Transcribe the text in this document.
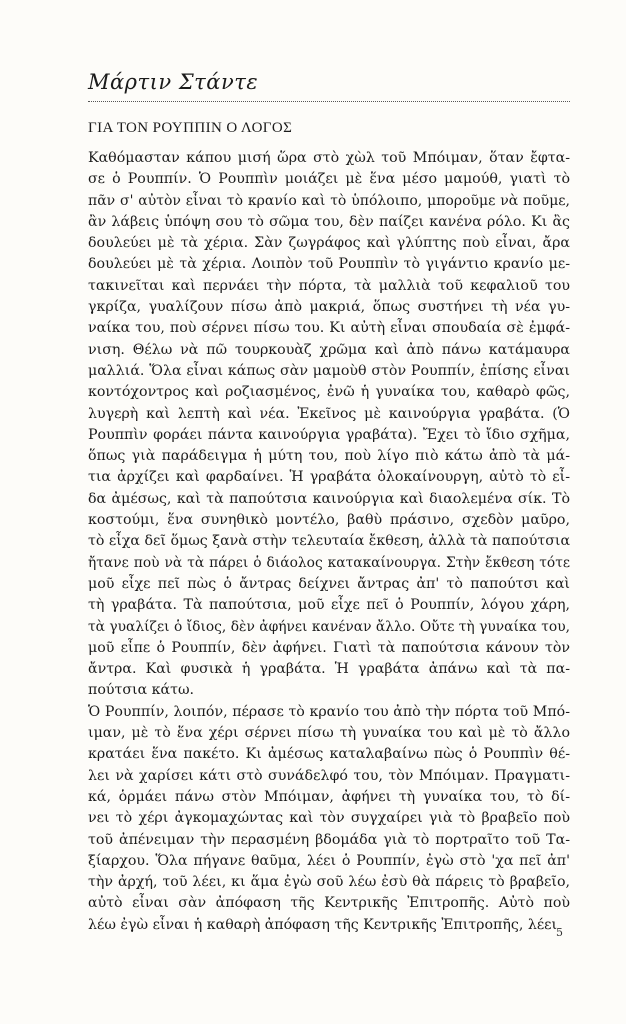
Μάρτιν Στάντε
ΓΙΑ ΤΟΝ ΡΟΥΠΠΙΝ Ο ΛΟΓΟΣ
Καθόμασταν κάπου μισή ὥρα στὸ χὼλ τοῦ Μπόιμαν, ὅταν ἔφτα-
σε ὁ Ρουππίν. Ὁ Ρουππὶν μοιάζει μὲ ἕνα μέσο μαμούθ, γιατὶ τὸ
πᾶν σ' αὐτὸν εἶναι τὸ κρανίο καὶ τὸ ὑπόλοιπο, μποροῦμε νὰ ποῦμε,
ἂν λάβεις ὑπόψη σου τὸ σῶμα του, δὲν παίζει κανένα ρόλο. Κι ἂς
δουλεύει μὲ τὰ χέρια. Σὰν ζωγράφος καὶ γλύπτης ποὺ εἶναι, ἄρα
δουλεύει μὲ τὰ χέρια. Λοιπὸν τοῦ Ρουππὶν τὸ γιγάντιο κρανίο με-
τακινεῖται καὶ περνάει τὴν πόρτα, τὰ μαλλιὰ τοῦ κεφαλιοῦ του
γκρίζα, γυαλίζουν πίσω ἀπὸ μακριά, ὅπως συστήνει τὴ νέα γυ-
ναίκα του, ποὺ σέρνει πίσω του. Κι αὐτὴ εἶναι σπουδαία σὲ ἐμφά-
νιση. Θέλω νὰ πῶ τουρκουὰζ χρῶμα καὶ ἀπὸ πάνω κατάμαυρα
μαλλιά. Ὅλα εἶναι κάπως σὰν μαμοὺθ στὸν Ρουππίν, ἐπίσης εἶναι
κοντόχοντρος καὶ ροζιασμένος, ἐνῶ ἡ γυναίκα του, καθαρὸ φῶς,
λυγερὴ καὶ λεπτὴ καὶ νέα. Ἐκεῖνος μὲ καινούργια γραβάτα. (Ὁ
Ρουππὶν φοράει πάντα καινούργια γραβάτα). Ἔχει τὸ ἴδιο σχῆμα,
ὅπως γιὰ παράδειγμα ἡ μύτη του, ποὺ λίγο πιὸ κάτω ἀπὸ τὰ μά-
τια ἀρχίζει καὶ φαρδαίνει. Ἡ γραβάτα ὁλοκαίνουργη, αὐτὸ τὸ εἶ-
δα ἀμέσως, καὶ τὰ παπούτσια καινούργια καὶ διαολεμένα σίκ. Τὸ
κοστούμι, ἕνα συνηθικὸ μοντέλο, βαθὺ πράσινο, σχεδὸν μαῦρο,
τὸ εἶχα δεῖ ὅμως ξανὰ στὴν τελευταία ἔκθεση, ἀλλὰ τὰ παπούτσια
ἤτανε ποὺ νὰ τὰ πάρει ὁ διάολος κατακαίνουργα. Στὴν ἔκθεση τότε
μοῦ εἶχε πεῖ πὼς ὁ ἄντρας δείχνει ἄντρας ἀπ' τὸ παπούτσι καὶ
τὴ γραβάτα. Τὰ παπούτσια, μοῦ εἶχε πεῖ ὁ Ρουππίν, λόγου χάρη,
τὰ γυαλίζει ὁ ἴδιος, δὲν ἀφήνει κανέναν ἄλλο. Οὔτε τὴ γυναίκα του,
μοῦ εἶπε ὁ Ρουππίν, δὲν ἀφήνει. Γιατὶ τὰ παπούτσια κάνουν τὸν
ἄντρα. Καὶ φυσικὰ ἡ γραβάτα. Ἡ γραβάτα ἀπάνω καὶ τὰ πα-
πούτσια κάτω.
Ὁ Ρουππίν, λοιπόν, πέρασε τὸ κρανίο του ἀπὸ τὴν πόρτα τοῦ Μπό-
ιμαν, μὲ τὸ ἕνα χέρι σέρνει πίσω τὴ γυναίκα του καὶ μὲ τὸ ἄλλο
κρατάει ἕνα πακέτο. Κι ἀμέσως καταλαβαίνω πὼς ὁ Ρουππὶν θέ-
λει νὰ χαρίσει κάτι στὸ συνάδελφό του, τὸν Μπόιμαν. Πραγματι-
κά, ὁρμάει πάνω στὸν Μπόιμαν, ἀφήνει τὴ γυναίκα του, τὸ δί-
νει τὸ χέρι ἀγκομαχώντας καὶ τὸν συγχαίρει γιὰ τὸ βραβεῖο ποὺ
τοῦ ἀπένειμαν τὴν περασμένη βδομάδα γιὰ τὸ πορτραῖτο τοῦ Τα-
ξίαρχου. Ὅλα πήγανε θαῦμα, λέει ὁ Ρουππίν, ἐγὼ στὸ 'χα πεῖ ἀπ'
τὴν ἀρχή, τοῦ λέει, κι ἅμα ἐγὼ σοῦ λέω ἐσὺ θὰ πάρεις τὸ βραβεῖο,
αὐτὸ εἶναι σὰν ἀπόφαση τῆς Κεντρικῆς Ἐπιτροπῆς. Αὐτὸ ποὺ
λέω ἐγὼ εἶναι ἡ καθαρὴ ἀπόφαση τῆς Κεντρικῆς Ἐπιτροπῆς, λέει
5
